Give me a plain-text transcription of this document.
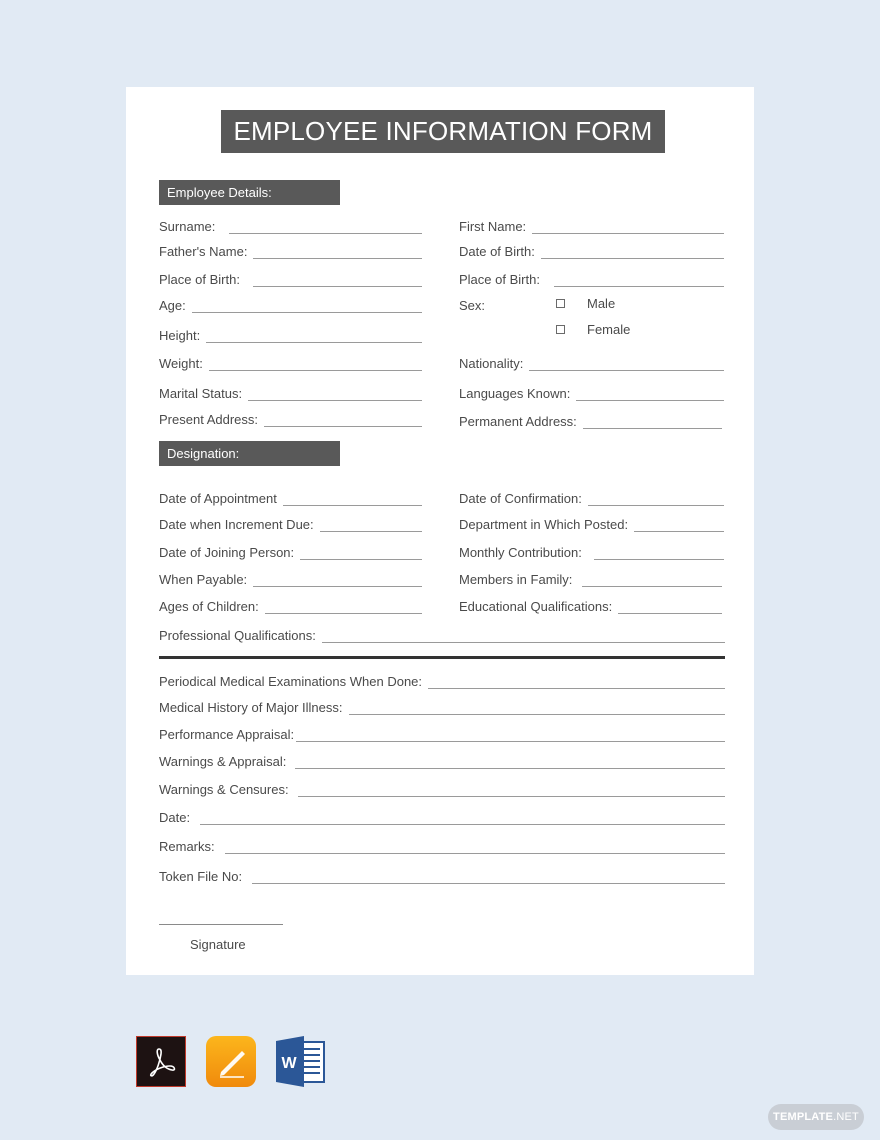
EMPLOYEE INFORMATION FORM
Employee Details:
Surname:
Father's Name:
Place of Birth:
Age:
Height:
Weight:
Marital Status:
Present Address:
First Name:
Date of Birth:
Place of Birth:
Sex:	Male
Female
Nationality:
Languages Known:
Permanent Address:
Designation:
Date of Appointment
Date when Increment Due:
Date of Joining Person:
When Payable:
Ages of Children:
Date of Confirmation:
Department in Which Posted:
Monthly Contribution:
Members in Family:
Educational Qualifications:
Professional Qualifications:
Periodical Medical Examinations When Done:
Medical History of Major Illness:
Performance Appraisal:
Warnings & Appraisal:
Warnings & Censures:
Date:
Remarks:
Token File No:
Signature
W
TEMPLATE .NET
